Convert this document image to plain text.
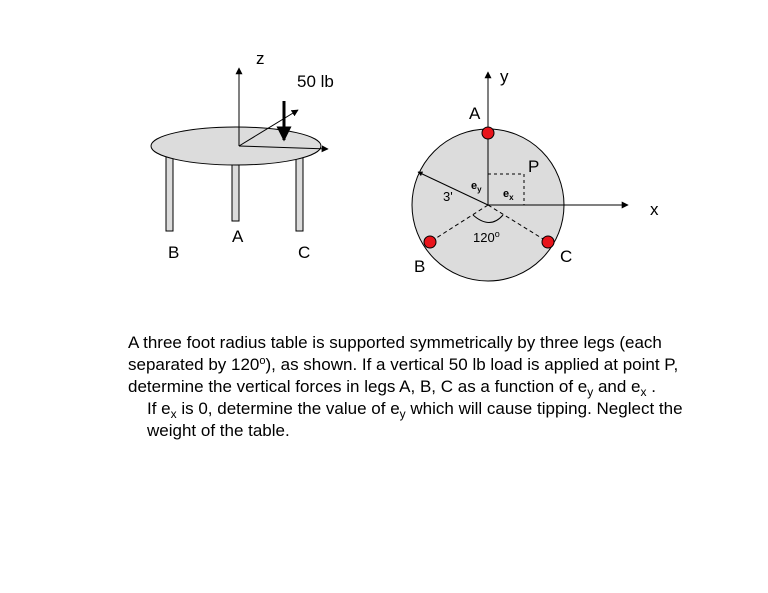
z
50 lb
B
A
C
y
x
A
B
C
P
3'
120$^o$
$e_y$ $e_x$
A three foot radius table is supported symmetrically by three legs (each separated by 120$^o$), as shown. If a vertical 50 lb load is applied at point P, determine the vertical forces in legs A, B, C as a function of $e_y$ and $e_x$ .
If $e_x$ is 0, determine the value of $e_y$ which will cause tipping. Neglect the weight of the table.
